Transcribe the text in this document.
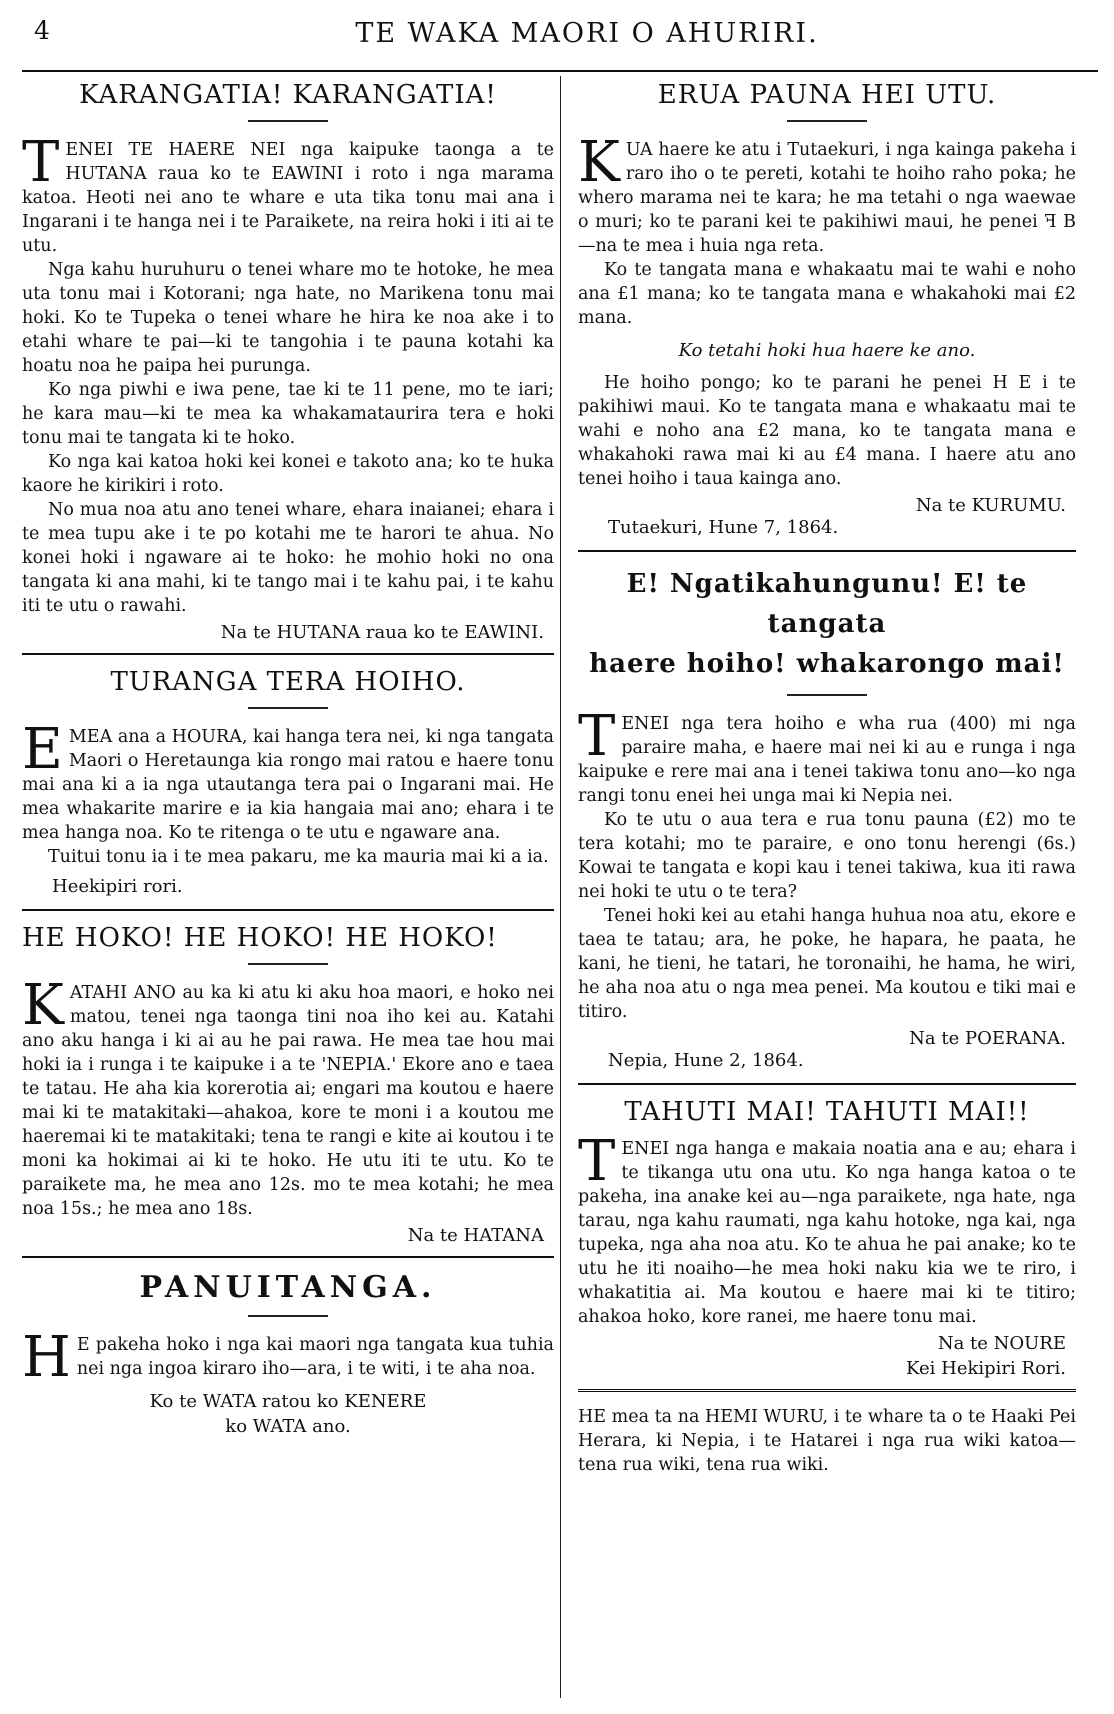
4	TE WAKA MAORI O AHURIRI.
KARANGATIA! KARANGATIA!

TENEI TE HAERE NEI nga kaipuke taonga a te HUTANA raua ko te EAWINI i roto i nga marama katoa. Heoti nei ano te whare e uta tika tonu mai ana i Ingarani i te hanga nei i te Paraikete, na reira hoki i iti ai te utu.

Nga kahu huruhuru o tenei whare mo te hotoke, he mea uta tonu mai i Kotorani; nga hate, no Marikena tonu mai hoki. Ko te Tupeka o tenei whare he hira ke noa ake i to etahi whare te pai—ki te tangohia i te pauna kotahi ka hoatu noa he paipa hei purunga.

Ko nga piwhi e iwa pene, tae ki te 11 pene, mo te iari; he kara mau—ki te mea ka whakamataurira tera e hoki tonu mai te tangata ki te hoko.

Ko nga kai katoa hoki kei konei e takoto ana; ko te huka kaore he kirikiri i roto.

No mua noa atu ano tenei whare, ehara inaianei; ehara i te mea tupu ake i te po kotahi me te harori te ahua. No konei hoki i ngaware ai te hoko: he mohio hoki no ona tangata ki ana mahi, ki te tango mai i te kahu pai, i te kahu iti te utu o rawahi.

Na te HUTANA raua ko te EAWINI.
TURANGA TERA HOIHO.

EMEA ana a HOURA, kai hanga tera nei, ki nga tangata Maori o Heretaunga kia rongo mai ratou e haere tonu mai ana ki a ia nga utautanga tera pai o Ingarani mai. He mea whakarite marire e ia kia hangaia mai ano; ehara i te mea hanga noa. Ko te ritenga o te utu e ngaware ana.

Tuitui tonu ia i te mea pakaru, me ka mauria mai ki a ia.

Heekipiri rori.

HE HOKO! HE HOKO! HE HOKO!

KATAHI ANO au ka ki atu ki aku hoa maori, e hoko nei matou, tenei nga taonga tini noa iho kei au. Katahi ano aku hanga i ki ai au he pai rawa. He mea tae hou mai hoki ia i runga i te kaipuke i a te 'NEPIA.' Ekore ano e taea te tatau. He aha kia korerotia ai; engari ma koutou e haere mai ki te matakitaki—ahakoa, kore te moni i a koutou me haeremai ki te matakitaki; tena te rangi e kite ai koutou i te moni ka hokimai ai ki te hoko. He utu iti te utu. Ko te paraikete ma, he mea ano 12s. mo te mea kotahi; he mea noa 15s.; he mea ano 18s.

Na te HATANA
PANUITANGA.

H E pakeha hoko i nga kai maori nga tangata kua tuhia nei nga ingoa kiraro iho—ara, i te witi, i te aha noa.

Ko te WATA ratou ko KENERE
ko WATA ano.
ERUA PAUNA HEI UTU.

KUA haere ke atu i Tutaekuri, i nga kainga pakeha i raro iho o te pereti, kotahi te hoiho raho poka; he whero marama nei te kara; he ma tetahi o nga waewae o muri; ko te parani kei te pakihiwi maui, he penei ꟻ B—na te mea i huia nga reta.

Ko te tangata mana e whakaatu mai te wahi e noho ana £1 mana; ko te tangata mana e whakahoki mai £2 mana.

Ko tetahi hoki hua haere ke ano.

He hoiho pongo; ko te parani he penei H E i te pakihiwi maui. Ko te tangata mana e whakaatu mai te wahi e noho ana £2 mana, ko te tangata mana e whakahoki rawa mai ki au £4 mana. I haere atu ano tenei hoiho i taua kainga ano.

Na te KURUMU.

Tutaekuri, Hune 7, 1864.

E! Ngatikahungunu! E! te tangata
haere hoiho! whakarongo mai!

TENEI nga tera hoiho e wha rua (400) mi nga paraire maha, e haere mai nei ki au e runga i nga kaipuke e rere mai ana i tenei takiwa tonu ano—ko nga rangi tonu enei hei unga mai ki Nepia nei.

Ko te utu o aua tera e rua tonu pauna (£2) mo te tera kotahi; mo te paraire, e ono tonu herengi (6s.) Kowai te tangata e kopi kau i tenei takiwa, kua iti rawa nei hoki te utu o te tera?

Tenei hoki kei au etahi hanga huhua noa atu, ekore e taea te tatau; ara, he poke, he hapara, he paata, he kani, he tieni, he tatari, he toronaihi, he hama, he wiri, he aha noa atu o nga mea penei. Ma koutou e tiki mai e titiro.

Na te POERANA.

Nepia, Hune 2, 1864.

TAHUTI MAI! TAHUTI MAI!!

TENEI nga hanga e makaia noatia ana e au; ehara i te tikanga utu ona utu. Ko nga hanga katoa o te pakeha, ina anake kei au—nga paraikete, nga hate, nga tarau, nga kahu raumati, nga kahu hotoke, nga kai, nga tupeka, nga aha noa atu. Ko te ahua he pai anake; ko te utu he iti noaiho—he mea hoki naku kia we te riro, i whakatitia ai. Ma koutou e haere mai ki te titiro; ahakoa hoko, kore ranei, me haere tonu mai.

Na te NOURE
Kei Hekipiri Rori.

HE mea ta na HEMI WURU, i te whare ta o te Haaki Pei Herara, ki Nepia, i te Hatarei i nga rua wiki katoa—tena rua wiki, tena rua wiki.
